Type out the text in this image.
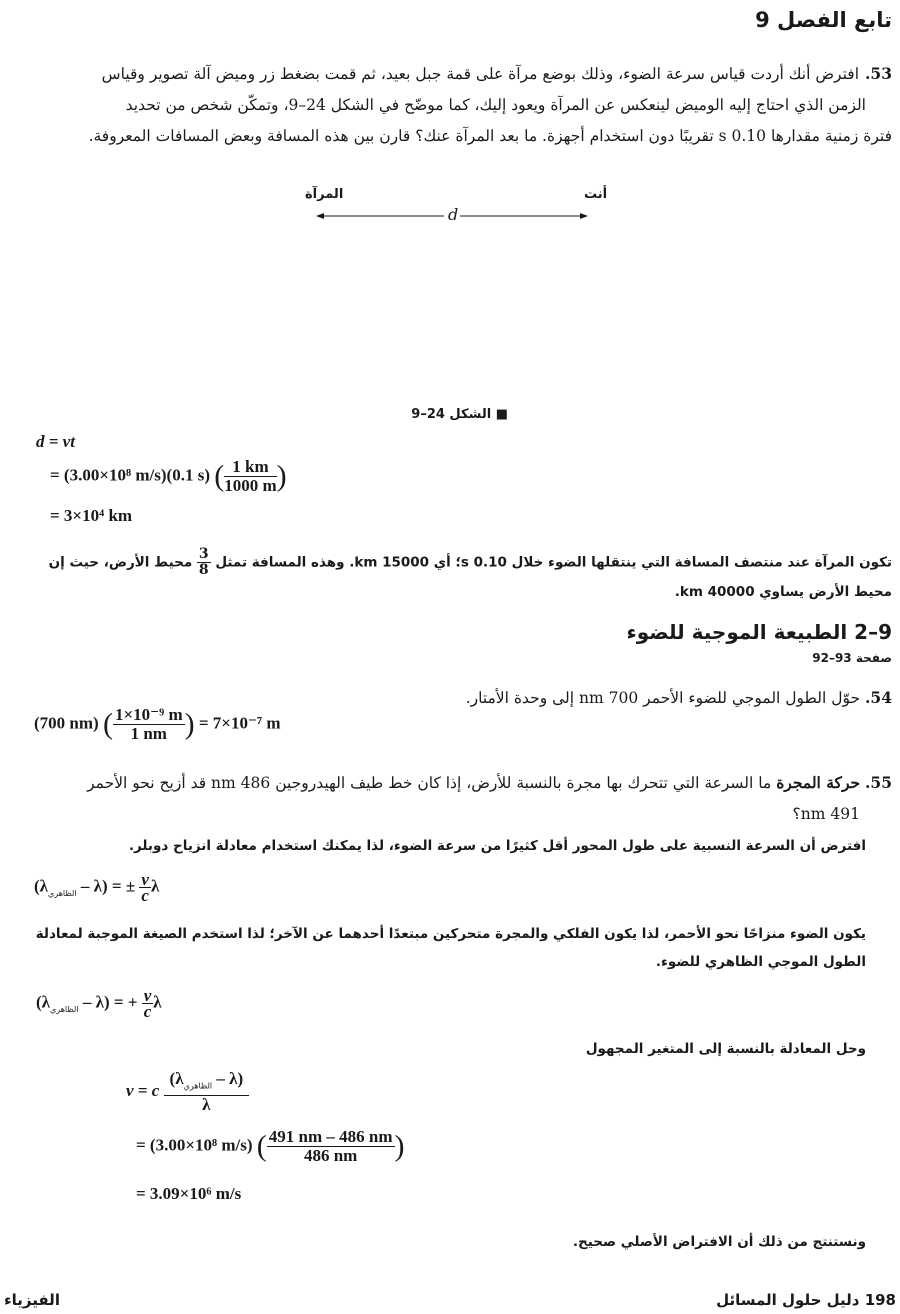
تابع الفصل 9
53.افترض أنك أردت قياس سرعة الضوء، وذلك بوضع مرآة على قمة جبل بعيد، ثم قمت بضغط زر وميض آلة تصوير وقياس
الزمن الذي احتاج إليه الوميض لينعكس عن المرآة ويعود إليك، كما موضّح في الشكل 24–9، وتمكّن شخص من تحديد
فترة زمنية مقدارها 0.10 s تقريبًا دون استخدام أجهزة. ما بعد المرآة عنك؟ قارن بين هذه المسافة وبعض المسافات المعروفة.
المرآة	أنت
d
■ الشكل 24–9
d = vt
= (3.00×10⁸ m/s)(0.1 s) ( $\frac{1 km}{1000 m}$ )
= 3×10⁴ km
تكون المرآة عند منتصف المسافة التي ينتقلها الضوء خلال 0.10 s؛ أي 15000 km. وهذه المسافة تمثل
$\frac{3}{8}$
محيط الأرض، حيث إن
محيط الأرض يساوي 40000 km.
9–2 الطبيعة الموجية للضوء
صفحة 93–92
54. حوّل الطول الموجي للضوء الأحمر 700 nm إلى وحدة الأمتار.
(700 nm) ( $\frac{\text{1×10⁻⁹ m}}{1 nm}$ ) = 7×10⁻⁷ m
55. حركة المجرة ما السرعة التي تتحرك بها مجرة بالنسبة للأرض، إذا كان خط طيف الهيدروجين 486 nm قد أزيح نحو الأحمر
491 nm؟
افترض أن السرعة النسبية على طول المحور أقل كثيرًا من سرعة الضوء، لذا يمكنك استخدام معادلة انزياح دوبلر.
$(\lambda_{الظاهري} - \lambda)$ = ± $\frac{v}{c}$ λ
يكون الضوء منزاحًا نحو الأحمر، لذا يكون الفلكي والمجرة متحركين مبتعدًا أحدهما عن الآخر؛ لذا استخدم الصيغة الموجبة لمعادلة
الطول الموجي الظاهري للضوء.
$(\lambda_{الظاهري} - \lambda)$ = + $\frac{v}{c}$ λ
وحل المعادلة بالنسبة إلى المتغير المجهول
v = c $\frac{(\lambda_{الظاهري} - \lambda)}{\lambda}$
= (3.00×10⁸ m/s) ( $\frac{491 nm - 486 nm}{486 nm}$ )
= 3.09×10⁶ m/s
ونستنتج من ذلك أن الافتراض الأصلي صحيح.
198 دليل حلول المسائل
الفيزياء
